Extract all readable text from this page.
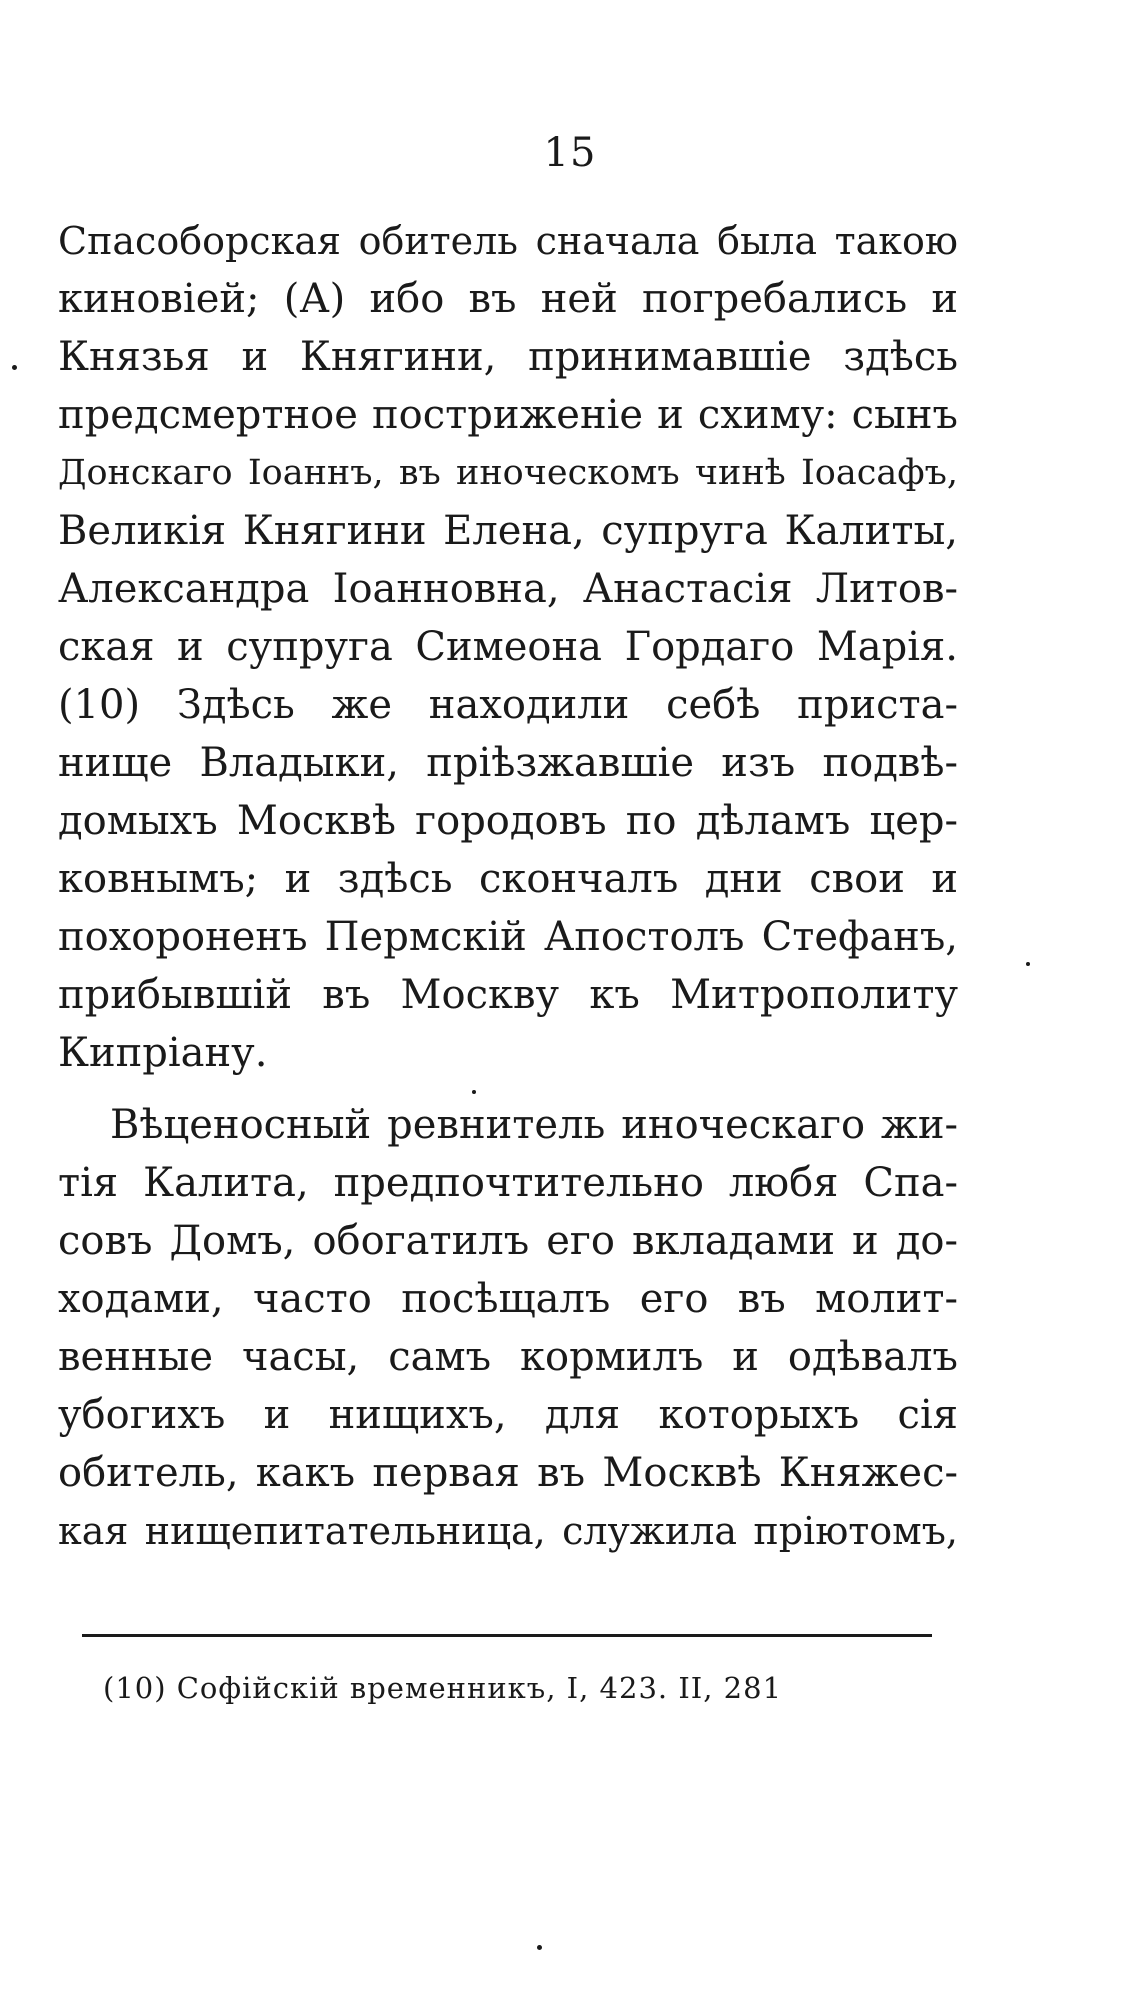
15
Спасоборская обитель сначала была такою
киновіей; (А) ибо въ ней погребались и
Князья и Княгини, принимавшіе здѣсь
предсмертное постриженіе и схиму: сынъ
Донскаго Іоаннъ, въ иноческомъ чинѣ Іоасафъ,
Великія Княгини Елена, супруга Калиты,
Александра Іоанновна, Анастасія Литов-
ская и супруга Симеона Гордаго Марія.
(10) Здѣсь же находили себѣ приста-
нище Владыки, пріѣзжавшіе изъ подвѣ-
домыхъ Москвѣ городовъ по дѣламъ цер-
ковнымъ; и здѣсь скончалъ дни свои и
похороненъ Пермскій Апостолъ Стефанъ,
прибывшій въ Москву къ Митрополиту
Кипріану.
Вѣценосный ревнитель иноческаго жи-
тія Калита, предпочтительно любя Спа-
совъ Домъ, обогатилъ его вкладами и до-
ходами, часто посѣщалъ его въ молит-
венные часы, самъ кормилъ и одѣвалъ
убогихъ и нищихъ, для которыхъ сія
обитель, какъ первая въ Москвѣ Княжес-
кая нищепитательница, служила пріютомъ,
(10) Софійскій временникъ, I, 423. II, 281
